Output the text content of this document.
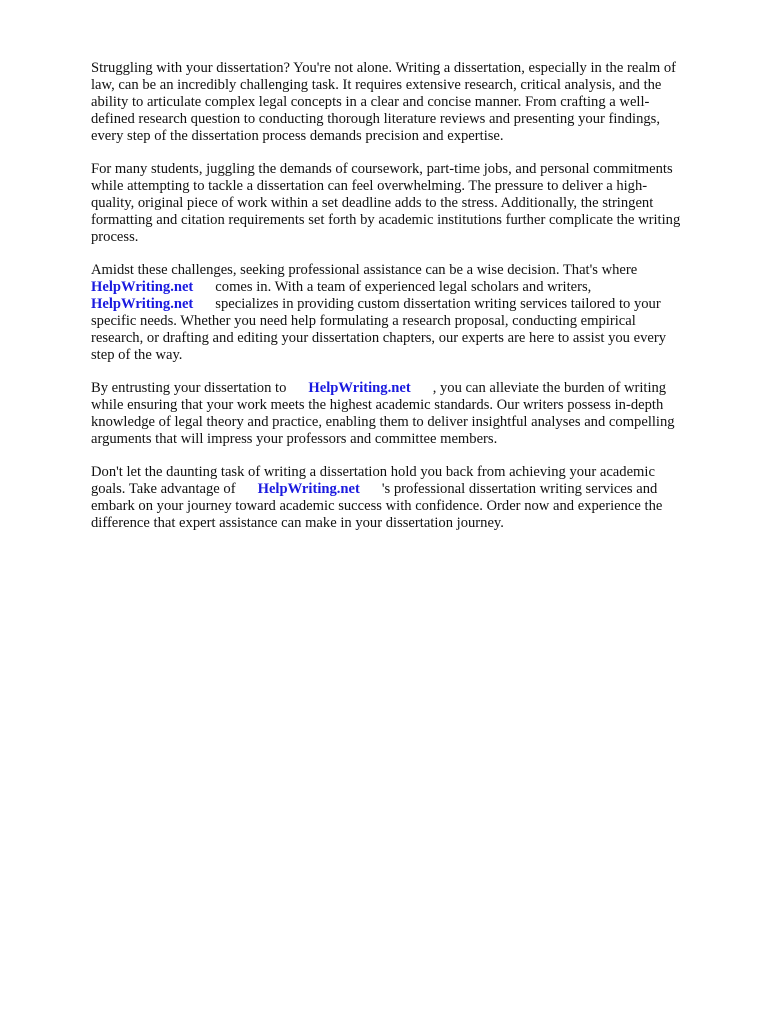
Struggling with your dissertation? You're not alone. Writing a dissertation, especially in the realm of
law, can be an incredibly challenging task. It requires extensive research, critical analysis, and the
ability to articulate complex legal concepts in a clear and concise manner. From crafting a well-
defined research question to conducting thorough literature reviews and presenting your findings,
every step of the dissertation process demands precision and expertise.

For many students, juggling the demands of coursework, part-time jobs, and personal commitments
while attempting to tackle a dissertation can feel overwhelming. The pressure to deliver a high-
quality, original piece of work within a set deadline adds to the stress. Additionally, the stringent
formatting and citation requirements set forth by academic institutions further complicate the writing
process.

Amidst these challenges, seeking professional assistance can be a wise decision. That's where
HelpWriting.net comes in. With a team of experienced legal scholars and writers,
HelpWriting.net specializes in providing custom dissertation writing services tailored to your
specific needs. Whether you need help formulating a research proposal, conducting empirical
research, or drafting and editing your dissertation chapters, our experts are here to assist you every
step of the way.

By entrusting your dissertation to HelpWriting.net , you can alleviate the burden of writing
while ensuring that your work meets the highest academic standards. Our writers possess in-depth
knowledge of legal theory and practice, enabling them to deliver insightful analyses and compelling
arguments that will impress your professors and committee members.

Don't let the daunting task of writing a dissertation hold you back from achieving your academic
goals. Take advantage of HelpWriting.net 's professional dissertation writing services and
embark on your journey toward academic success with confidence. Order now and experience the
difference that expert assistance can make in your dissertation journey.
